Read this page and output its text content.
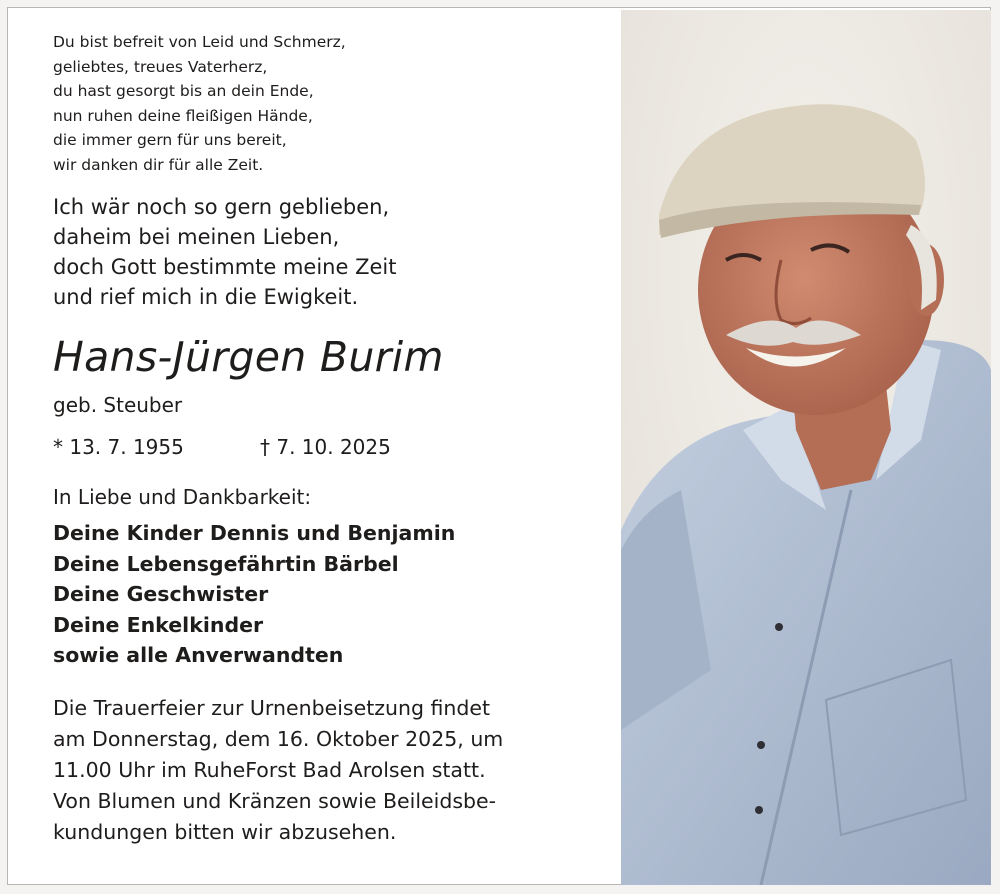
Du bist befreit von Leid und Schmerz,
geliebtes, treues Vaterherz,
du hast gesorgt bis an dein Ende,
nun ruhen deine fleißigen Hände,
die immer gern für uns bereit,
wir danken dir für alle Zeit.
Ich wär noch so gern geblieben,
daheim bei meinen Lieben,
doch Gott bestimmte meine Zeit
und rief mich in die Ewigkeit.
Hans-Jürgen Burim
geb. Steuber
* 13. 7. 1955	† 7. 10. 2025
In Liebe und Dankbarkeit:
Deine Kinder Dennis und Benjamin
Deine Lebensgefährtin Bärbel
Deine Geschwister
Deine Enkelkinder
sowie alle Anverwandten
Die Trauerfeier zur Urnenbeisetzung findet
am Donnerstag, dem 16. Oktober 2025, um
11.00 Uhr im RuheForst Bad Arolsen statt.
Von Blumen und Kränzen sowie Beileidsbe-
kundungen bitten wir abzusehen.
